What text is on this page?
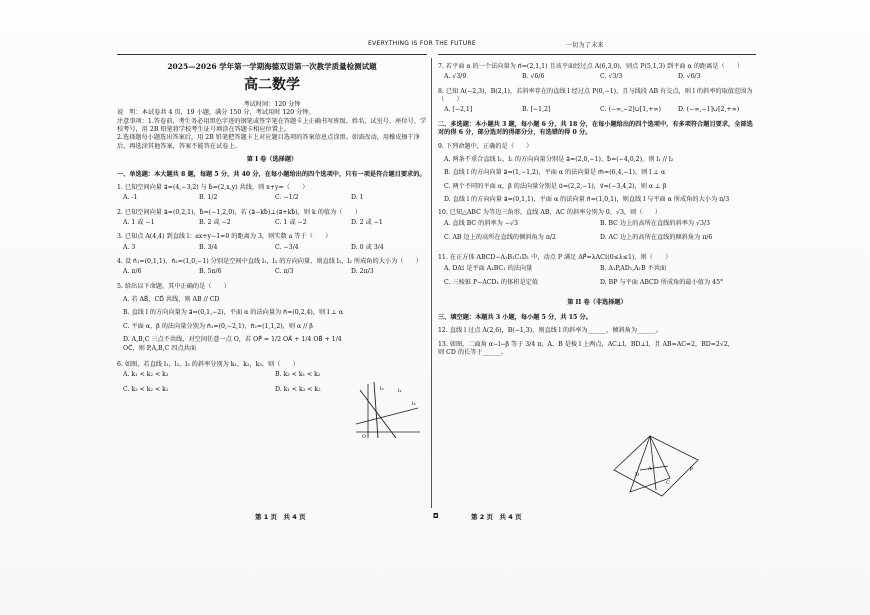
EVERYTHING IS FOR THE FUTURE	一切为了未来
2025—2026 学年第一学期海德双语第一次教学质量检测试题
高二数学
考试时间：120 分钟
说　明：本试卷共 4 页，19 小题，满分 150 分，考试用时 120 分钟。
注意事项：1.答卷前，考生务必用黑色字迹的钢笔或签字笔在答题卡上正确书写班级、姓名、试室号、座位号、学校考号，用 2B 铅笔将学校考生证号填涂在答题卡相应位置上。
2.选择题每小题选出答案后，用 2B 铅笔把答题卡上对应题目选项的答案信息点涂黑。如需改动，用橡皮擦干净后，再选涂其他答案，答案不能答在试卷上。
第 I 卷（选择题）
一、单选题：本大题共 8 题，每题 5 分，共 40 分，在每小题给出的四个选项中，只有一项是符合题目要求的。
1. 已知空间向量 a⃗=(4,−3,2) 与 b⃗=(2,x,y) 共线，则 x+y=（　　）
A. -1	B. 1/2	C. −1/2	D. 1
2. 已知空间向量 a⃗=(0,2,1)，b⃗=(−1,2,0)，若 (a⃗−kb⃗)⊥(a⃗+kb⃗)，则 k 的值为（　　）
A. 1 或 −1	B. 2 或 −2	C. 1 或 −2	D. 2 或 −1
3. 已知点 A(4,4) 到直线 l：ax+y−1=0 的距离为 3，则实数 a 等于（　　）
A. 3	B. 3/4	C. −3/4	D. 0 或 3/4
4. 设 n⃗₁=(0,1,1)，n⃗₂=(1,0,−1) 分别是空间中直线 l₁，l₂ 的方向向量，则直线 l₁，l₂ 所成角的大小为（　　）
A. π/6	B. 5π/6	C. π/3	D. 2π/3
5. 给出以下命题，其中正确的是（　　）
A. 若 AB⃗，CD⃗ 共线，则 AB // CD
B. 直线 l 的方向向量为 a⃗=(0,1,−2)，平面 α 的法向量为 n⃗=(0,2,4)，则 l ⊥ α
C. 平面 α，β 的法向量分别为 n⃗₁=(0,−2,1)，n⃗₂=(1,1,2)，则 α // β
D. A,B,C 三点不共线，对空间任意一点 O，若 OP⃗ = 1/2 OA⃗ + 1/4 OB⃗ + 1/4 OC⃗，则 P,A,B,C 四点共面
6. 如图，若直线 l₁，l₂，l₃ 的斜率分别为 k₁，k₂，k₃，则（　　）
A. k₁ < k₂ < k₃	B. k₃ < k₁ < k₂
C. k₃ < k₂ < k₁	D. k₁ < k₃ < k₂	l₁
l₂
l₃
O
7. 若平面 α 的一个法向量为 n⃗=(2,1,1) 且该平面经过点 A(6,3,0)，则点 P(5,1,3) 到平面 α 的距离是（　　）
A. √3/9	B. √6/6	C. √3/3	D. √6/3
8. 已知 A(−2,3)，B(2,1)，若斜率存在的直线 l 经过点 P(0,−1)，且与线段 AB 有交点，则 l 的斜率的取值范围为（　　）
A. [−2,1]	B. [−1,2]	C. (−∞,−2]∪[1,+∞)	D. (−∞,−1]∪[2,+∞)
二、多选题：本小题共 3 题，每小题 6 分，共 18 分，在每小题给出的四个选项中，有多项符合题目要求，全部选对的得 6 分，部分选对的得部分分，有选错的得 0 分。
9. 下列命题中，正确的是（　　）
A. 两条不重合直线 l₁，l₂ 的方向向量分别是 a⃗=(2,0,−1)，b⃗=(−4,0,2)，则 l₁ // l₂
B. 直线 l 的方向向量 a⃗=(1,−1,2)，平面 α 的法向量是 m⃗=(6,4,−1)，则 l ⊥ α
C. 两个不同的平面 α，β 的法向量分别是 u⃗=(2,2,−1)，v⃗=(−3,4,2)，则 α ⊥ β
D. 直线 l 的方向向量 a⃗=(0,1,1)，平面 α 的法向量 n⃗=(1,0,1)，则直线 l 与平面 α 所成角的大小为 π/3
10. 已知△ABC 为等边三角形，直线 AB，AC 的斜率分别为 0，√3，则（　　）
A. 直线 BC 的斜率为 −√3	B. BC 边上的高所在直线的斜率为 √3/3
C. AB 边上的高所在直线的倾斜角为 π/2	D. AC 边上的高所在直线的倾斜角为 π/6
11. 在正方体 ABCD−A₁B₁C₁D₁ 中，动点 P 满足 AP⃗=λAC₁⃗(0≤λ≤1)，则（　　）
A. DA₁⃗ 是平面 A₁BC₁ 的法向量	B. A₁P,AD₁,A₁B 不共面
C. 三棱锥 P−ACD₁ 的体积是定值	D. BP 与平面 ABCD 所成角的最小值为 45°
第 II 卷（非选择题）
三、填空题：本题共 3 小题，每小题 5 分，共 15 分。
12. 直线 l 过点 A(2,6)，B(−1,3)，则直线 l 的斜率为______，倾斜角为______。
13. 如图，二面角 α−l−β 等于 3/4 π，A、B 是棱 l 上两点，AC⊥l，BD⊥l，且 AB=AC=2，BD=2√2，则 CD 的长等于______。
D
A
C
β
第 1 页　共 4 页	◘	第 2 页　共 4 页
